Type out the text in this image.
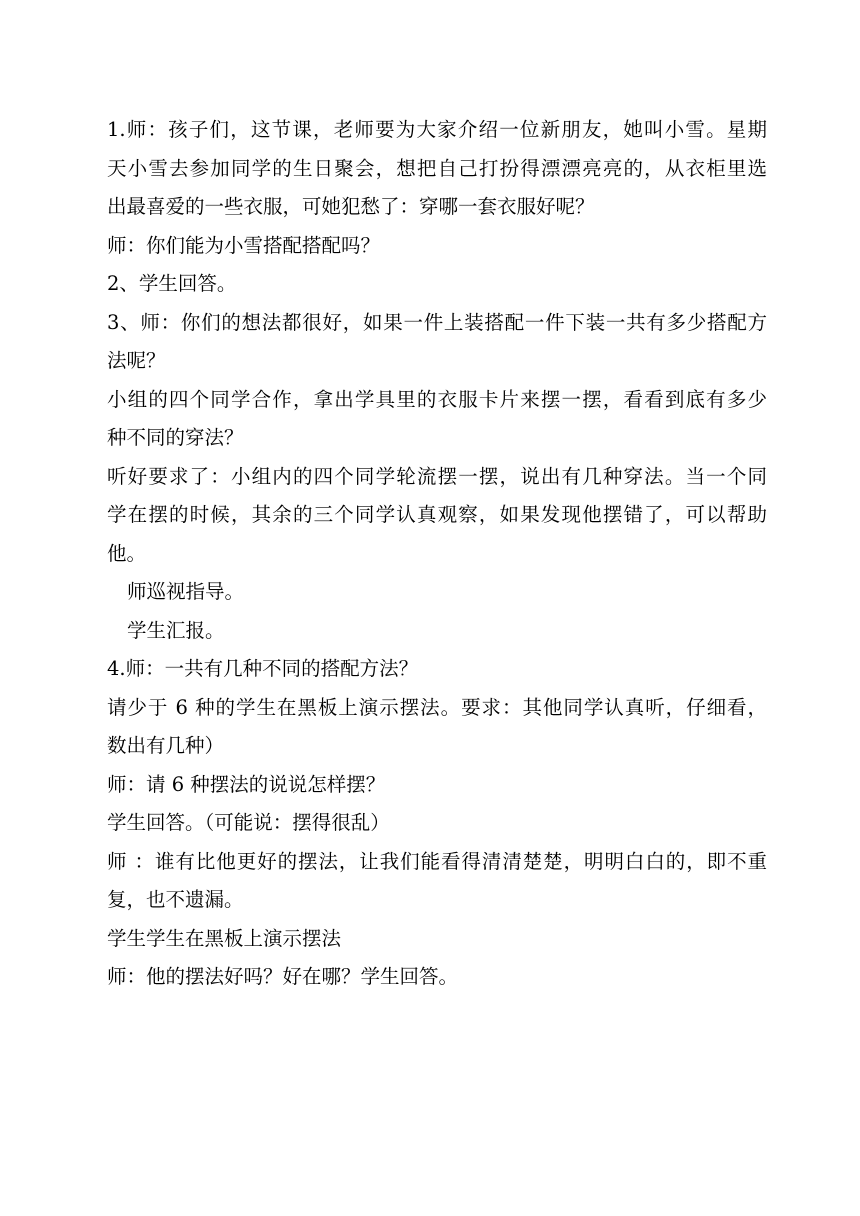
1.师：孩子们，这节课，老师要为大家介绍一位新朋友，她叫小雪。星期
天小雪去参加同学的生日聚会，想把自己打扮得漂漂亮亮的，从衣柜里选
出最喜爱的一些衣服，可她犯愁了：穿哪一套衣服好呢？
师：你们能为小雪搭配搭配吗？
2、学生回答。
3、师：你们的想法都很好，如果一件上装搭配一件下装一共有多少搭配方
法呢？
小组的四个同学合作，拿出学具里的衣服卡片来摆一摆，看看到底有多少
种不同的穿法？
听好要求了：小组内的四个同学轮流摆一摆，说出有几种穿法。当一个同
学在摆的时候，其余的三个同学认真观察，如果发现他摆错了，可以帮助
他。
师巡视指导。
学生汇报。
4.师：一共有几种不同的搭配方法？
请少于 6 种的学生在黑板上演示摆法。要求：其他同学认真听，仔细看，
数出有几种）
师：请 6 种摆法的说说怎样摆？
学生回答。（可能说：摆得很乱）
师 ：谁有比他更好的摆法，让我们能看得清清楚楚，明明白白的，即不重
复，也不遗漏。
学生学生在黑板上演示摆法
师：他的摆法好吗？好在哪？学生回答。
